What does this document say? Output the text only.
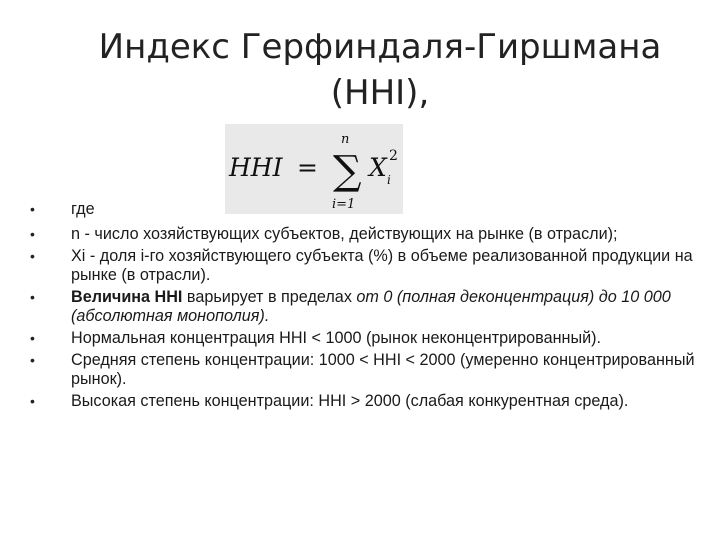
Индекс Герфиндаля-Гиршмана
(HHI),
HHI = ∑
n
i=1
X i
2
• где
• n - число хозяйствующих субъектов, действующих на рынке (в отрасли);
• Xi - доля i-го хозяйствующего субъекта (%) в объеме реализованной продукции на рынке (в отрасли).
• Величина HHI варьирует в пределах от 0 (полная деконцентрация) до 10 000 (абсолютная монополия).
• Нормальная концентрация HHI < 1000 (рынок неконцентрированный).
• Средняя степень концентрации: 1000 < HHI < 2000 (умеренно концентрированный рынок).
• Высокая степень концентрации: HHI > 2000 (слабая конкурентная среда).
